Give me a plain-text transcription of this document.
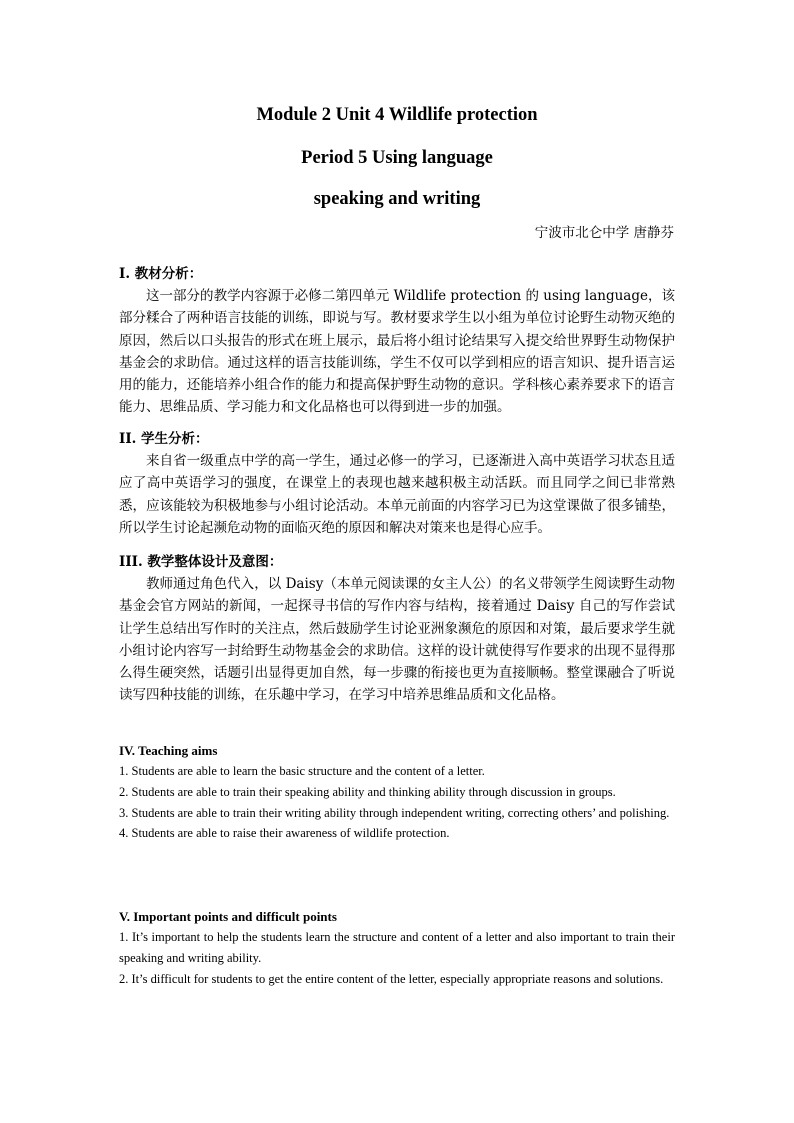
Module 2 Unit 4 Wildlife protection
Period 5 Using language
speaking and writing
宁波市北仑中学 唐静芬

I. 教材分析：

这一部分的教学内容源于必修二第四单元 Wildlife protection 的 using language，该部分糅合了两种语言技能的训练，即说与写。教材要求学生以小组为单位讨论野生动物灭绝的原因，然后以口头报告的形式在班上展示，最后将小组讨论结果写入提交给世界野生动物保护基金会的求助信。通过这样的语言技能训练，学生不仅可以学到相应的语言知识、提升语言运用的能力，还能培养小组合作的能力和提高保护野生动物的意识。学科核心素养要求下的语言能力、思维品质、学习能力和文化品格也可以得到进一步的加强。

II. 学生分析：

来自省一级重点中学的高一学生，通过必修一的学习，已逐渐进入高中英语学习状态且适应了高中英语学习的强度，在课堂上的表现也越来越积极主动活跃。而且同学之间已非常熟悉，应该能较为积极地参与小组讨论活动。本单元前面的内容学习已为这堂课做了很多铺垫，所以学生讨论起濒危动物的面临灭绝的原因和解决对策来也是得心应手。

III. 教学整体设计及意图：

教师通过角色代入，以 Daisy（本单元阅读课的女主人公）的名义带领学生阅读野生动物基金会官方网站的新闻，一起探寻书信的写作内容与结构，接着通过 Daisy 自己的写作尝试让学生总结出写作时的关注点，然后鼓励学生讨论亚洲象濒危的原因和对策，最后要求学生就小组讨论内容写一封给野生动物基金会的求助信。这样的设计就使得写作要求的出现不显得那么得生硬突然，话题引出显得更加自然，每一步骤的衔接也更为直接顺畅。整堂课融合了听说读写四种技能的训练，在乐趣中学习，在学习中培养思维品质和文化品格。

IV. Teaching aims

1. Students are able to learn the basic structure and the content of a letter.

2. Students are able to train their speaking ability and thinking ability through discussion in groups.

3. Students are able to train their writing ability through independent writing, correcting others’ and polishing.

4. Students are able to raise their awareness of wildlife protection.

V. Important points and difficult points

1. It’s important to help the students learn the structure and content of a letter and also important to train their speaking and writing ability.

2. It’s difficult for students to get the entire content of the letter, especially appropriate reasons and solutions.
